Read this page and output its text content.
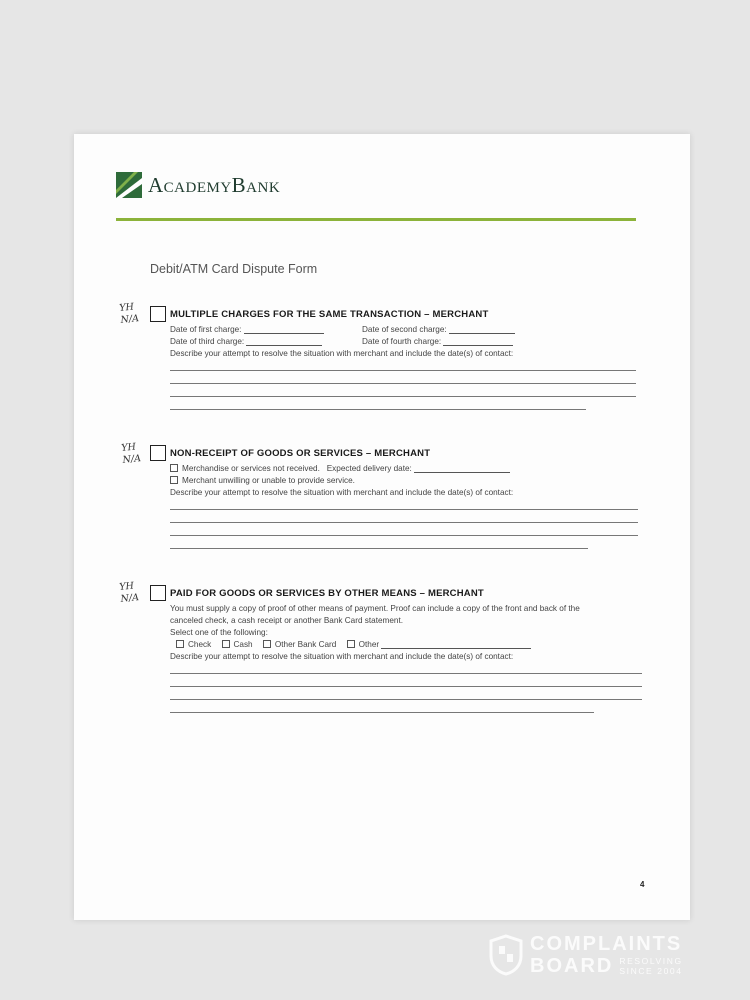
AcademyBank
Debit/ATM Card Dispute Form
YH
N/A	MULTIPLE CHARGES FOR THE SAME TRANSACTION – MERCHANT
Date of first charge:	Date of second charge:
Date of third charge:	Date of fourth charge:
Describe your attempt to resolve the situation with merchant and include the date(s) of contact:
YH
N/A
NON-RECEIPT OF GOODS OR SERVICES – MERCHANT
Merchandise or services not received. Expected delivery date:
Merchant unwilling or unable to provide service.
Describe your attempt to resolve the situation with merchant and include the date(s) of contact:
YH
N/A	PAID FOR GOODS OR SERVICES BY OTHER MEANS – MERCHANT
You must supply a copy of proof of other means of payment. Proof can include a copy of the front and back of the
canceled check, a cash receipt or another Bank Card statement.
Select one of the following:
Check	Cash	Other Bank Card	Other
Describe your attempt to resolve the situation with merchant and include the date(s) of contact:
4
COMPLAINTS
BOARD RESOLVING
SINCE 2004
